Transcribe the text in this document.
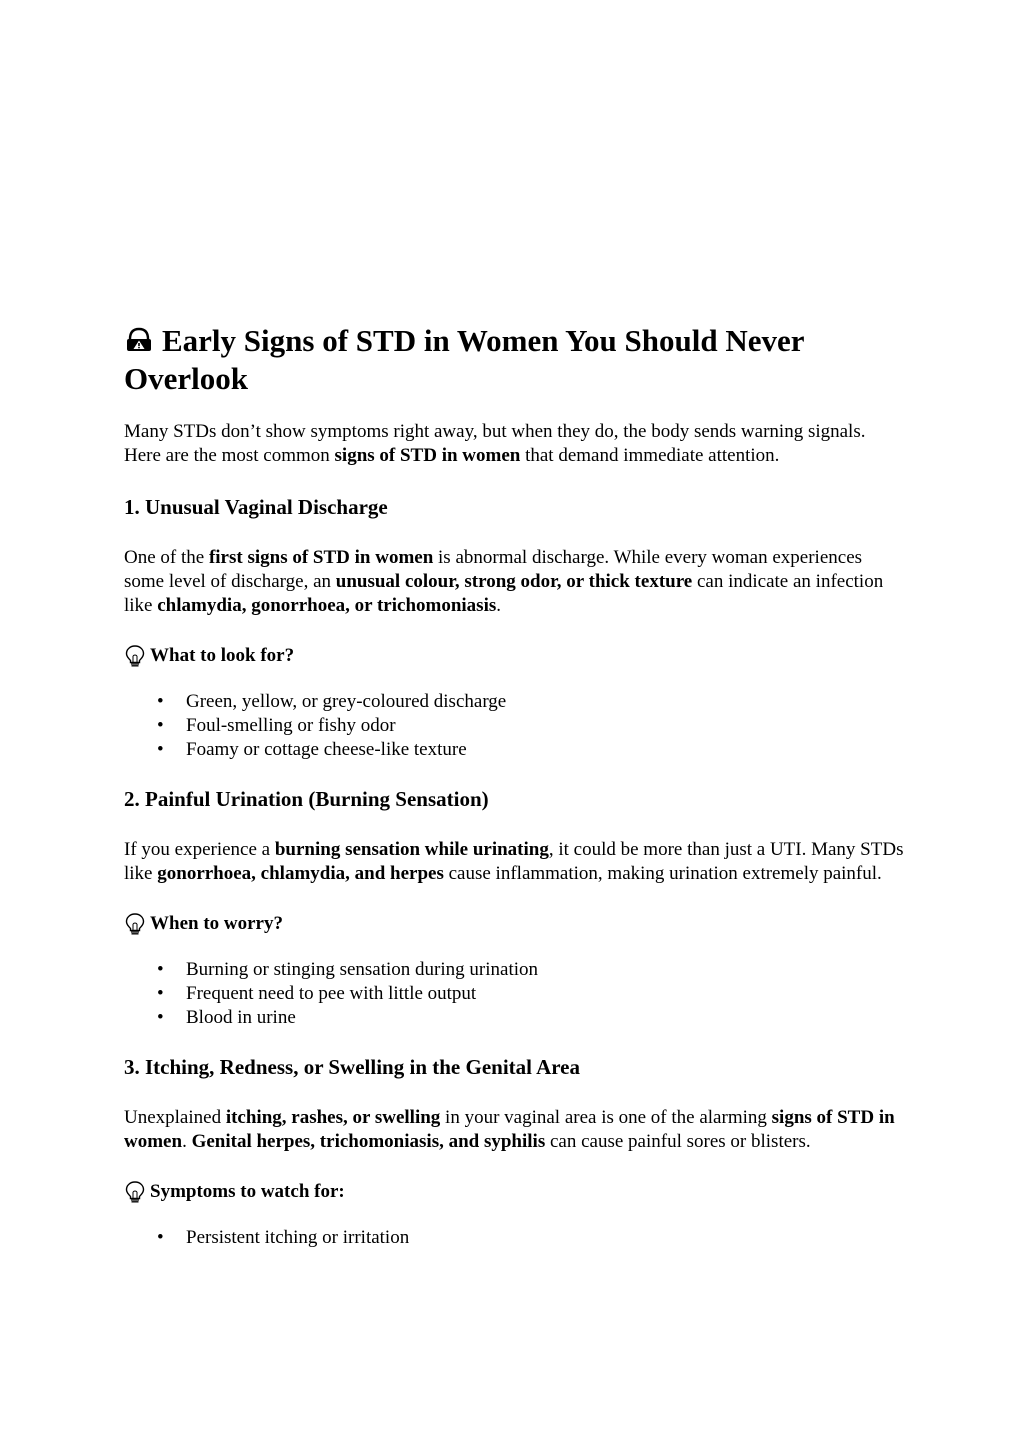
Early Signs of STD in Women You Should Never Overlook

Many STDs don’t show symptoms right away, but when they do, the body sends warning signals. Here are the most common signs of STD in women that demand immediate attention.

1. Unusual Vaginal Discharge

One of the first signs of STD in women is abnormal discharge. While every woman experiences some level of discharge, an unusual colour, strong odor, or thick texture can indicate an infection like chlamydia, gonorrhoea, or trichomoniasis.

What to look for?
• Green, yellow, or grey-coloured discharge
• Foul-smelling or fishy odor
• Foamy or cottage cheese-like texture
2. Painful Urination (Burning Sensation)

If you experience a burning sensation while urinating, it could be more than just a UTI. Many STDs like gonorrhoea, chlamydia, and herpes cause inflammation, making urination extremely painful.

When to worry?
• Burning or stinging sensation during urination
• Frequent need to pee with little output
• Blood in urine
3. Itching, Redness, or Swelling in the Genital Area

Unexplained itching, rashes, or swelling in your vaginal area is one of the alarming signs of STD in women. Genital herpes, trichomoniasis, and syphilis can cause painful sores or blisters.

Symptoms to watch for:
• Persistent itching or irritation
